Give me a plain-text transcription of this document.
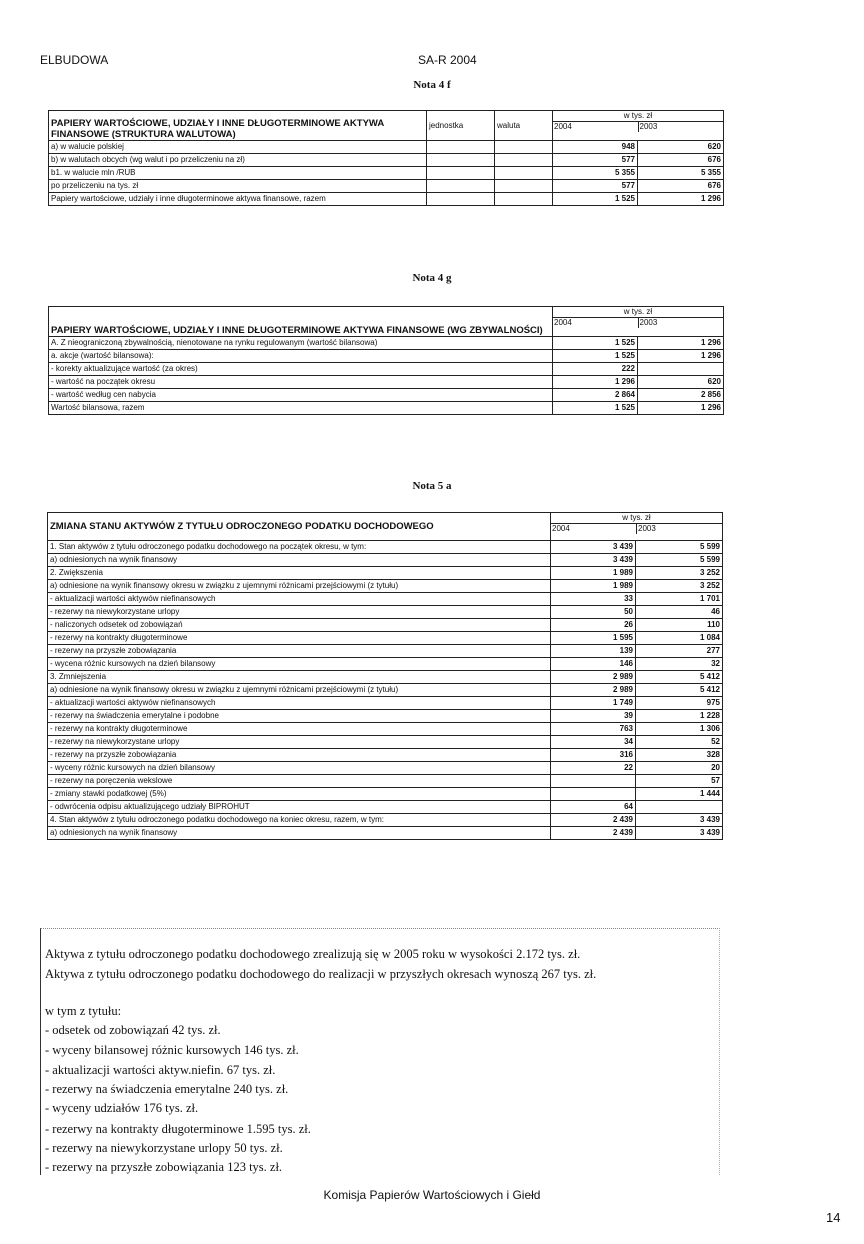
ELBUDOWA	SA-R 2004
Nota 4 f
PAPIERY WARTOŚCIOWE, UDZIAŁY I INNE DŁUGOTERMINOWE AKTYWA FINANSOWE (STRUKTURA WALUTOWA)	jednostka	waluta	w tys. zł
2004 2003	

a) w walucie polskiej			948	620
b) w walutach obcych (wg walut i po przeliczeniu na zł)			577	676
b1. w walucie mln /RUB			5 355	5 355
po przeliczeniu na tys. zł			577	676
Papiery wartościowe, udziały i inne długoterminowe aktywa finansowe, razem			1 525	1 296
Nota 4 g
PAPIERY WARTOŚCIOWE, UDZIAŁY I INNE DŁUGOTERMINOWE AKTYWA FINANSOWE (WG ZBYWALNOŚCI)	w tys. zł
2004 2003	

A. Z nieograniczoną zbywalnością, nienotowane na rynku regulowanym (wartość bilansowa)	1 525	1 296
a. akcje (wartość bilansowa):	1 525	1 296
- korekty aktualizujące wartość (za okres)	222	
- wartość na początek okresu	1 296	620
- wartość według cen nabycia	2 864	2 856
Wartość bilansowa, razem	1 525	1 296
Nota 5 a
ZMIANA STANU AKTYWÓW Z TYTUŁU ODROCZONEGO PODATKU DOCHODOWEGO	w tys. zł
2004 2003	

1. Stan aktywów z tytułu odroczonego podatku dochodowego na początek okresu, w tym:	3 439	5 599
a) odniesionych na wynik finansowy	3 439	5 599
2. Zwiększenia	1 989	3 252
a) odniesione na wynik finansowy okresu w związku z ujemnymi różnicami przejściowymi (z tytułu)	1 989	3 252
- aktualizacji wartości aktywów niefinansowych	33	1 701
- rezerwy na niewykorzystane urlopy	50	46
- naliczonych odsetek od zobowiązań	26	110
- rezerwy na kontrakty długoterminowe	1 595	1 084
- rezerwy na przyszłe zobowiązania	139	277
- wycena różnic kursowych na dzień bilansowy	146	32
3. Zmniejszenia	2 989	5 412
a) odniesione na wynik finansowy okresu w związku z ujemnymi różnicami przejściowymi (z tytułu)	2 989	5 412
- aktualizacji wartości aktywów niefinansowych	1 749	975
- rezerwy na świadczenia emerytalne i podobne	39	1 228
- rezerwy na kontrakty długoterminowe	763	1 306
- rezerwy na niewykorzystane urlopy	34	52
- rezerwy na przyszłe zobowiązania	316	328
- wyceny różnic kursowych na dzień bilansowy	22	20
- rezerwy na poręczenia wekslowe		57
- zmiany stawki podatkowej (5%)		1 444
- odwrócenia odpisu aktualizującego udziały BIPROHUT	64	
4. Stan aktywów z tytułu odroczonego podatku dochodowego na koniec okresu, razem, w tym:	2 439	3 439
a) odniesionych na wynik finansowy	2 439	3 439
Aktywa z tytułu odroczonego podatku dochodowego zrealizują się w 2005 roku w wysokości 2.172 tys. zł.
Aktywa z tytułu odroczonego podatku dochodowego do realizacji w przyszłych okresach wynoszą 267 tys. zł.
w tym z tytułu:
- odsetek od zobowiązań 42 tys. zł.
- wyceny bilansowej różnic kursowych 146 tys. zł.
- aktualizacji wartości aktyw.niefin. 67 tys. zł.
- rezerwy na świadczenia emerytalne 240 tys. zł.
- wyceny udziałów 176 tys. zł.
- rezerwy na kontrakty długoterminowe 1.595 tys. zł.
- rezerwy na niewykorzystane urlopy 50 tys. zł.
- rezerwy na przyszłe zobowiązania 123 tys. zł.
Komisja Papierów Wartościowych i Giełd
14
